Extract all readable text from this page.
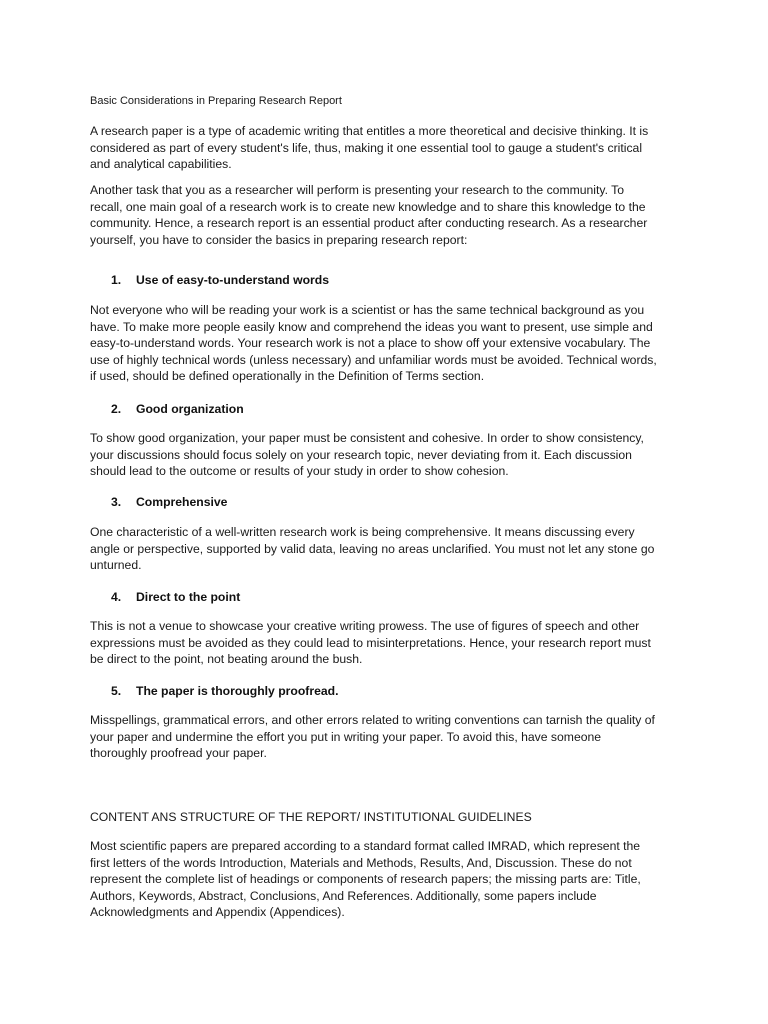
Basic Considerations in Preparing Research Report
A research paper is a type of academic writing that entitles a more theoretical and decisive thinking. It is
considered as part of every student's life, thus, making it one essential tool to gauge a student's critical
and analytical capabilities.
Another task that you as a researcher will perform is presenting your research to the community. To
recall, one main goal of a research work is to create new knowledge and to share this knowledge to the
community. Hence, a research report is an essential product after conducting research. As a researcher
yourself, you have to consider the basics in preparing research report:
1. Use of easy-to-understand words
Not everyone who will be reading your work is a scientist or has the same technical background as you
have. To make more people easily know and comprehend the ideas you want to present, use simple and
easy-to-understand words. Your research work is not a place to show off your extensive vocabulary. The
use of highly technical words (unless necessary) and unfamiliar words must be avoided. Technical words,
if used, should be defined operationally in the Definition of Terms section.
2. Good organization
To show good organization, your paper must be consistent and cohesive. In order to show consistency,
your discussions should focus solely on your research topic, never deviating from it. Each discussion
should lead to the outcome or results of your study in order to show cohesion.
3. Comprehensive
One characteristic of a well-written research work is being comprehensive. It means discussing every
angle or perspective, supported by valid data, leaving no areas unclarified. You must not let any stone go
unturned.
4. Direct to the point
This is not a venue to showcase your creative writing prowess. The use of figures of speech and other
expressions must be avoided as they could lead to misinterpretations. Hence, your research report must
be direct to the point, not beating around the bush.
5. The paper is thoroughly proofread.
Misspellings, grammatical errors, and other errors related to writing conventions can tarnish the quality of
your paper and undermine the effort you put in writing your paper. To avoid this, have someone
thoroughly proofread your paper.
CONTENT ANS STRUCTURE OF THE REPORT/ INSTITUTIONAL GUIDELINES
Most scientific papers are prepared according to a standard format called IMRAD, which represent the
first letters of the words Introduction, Materials and Methods, Results, And, Discussion. These do not
represent the complete list of headings or components of research papers; the missing parts are: Title,
Authors, Keywords, Abstract, Conclusions, And References. Additionally, some papers include
Acknowledgments and Appendix (Appendices).
